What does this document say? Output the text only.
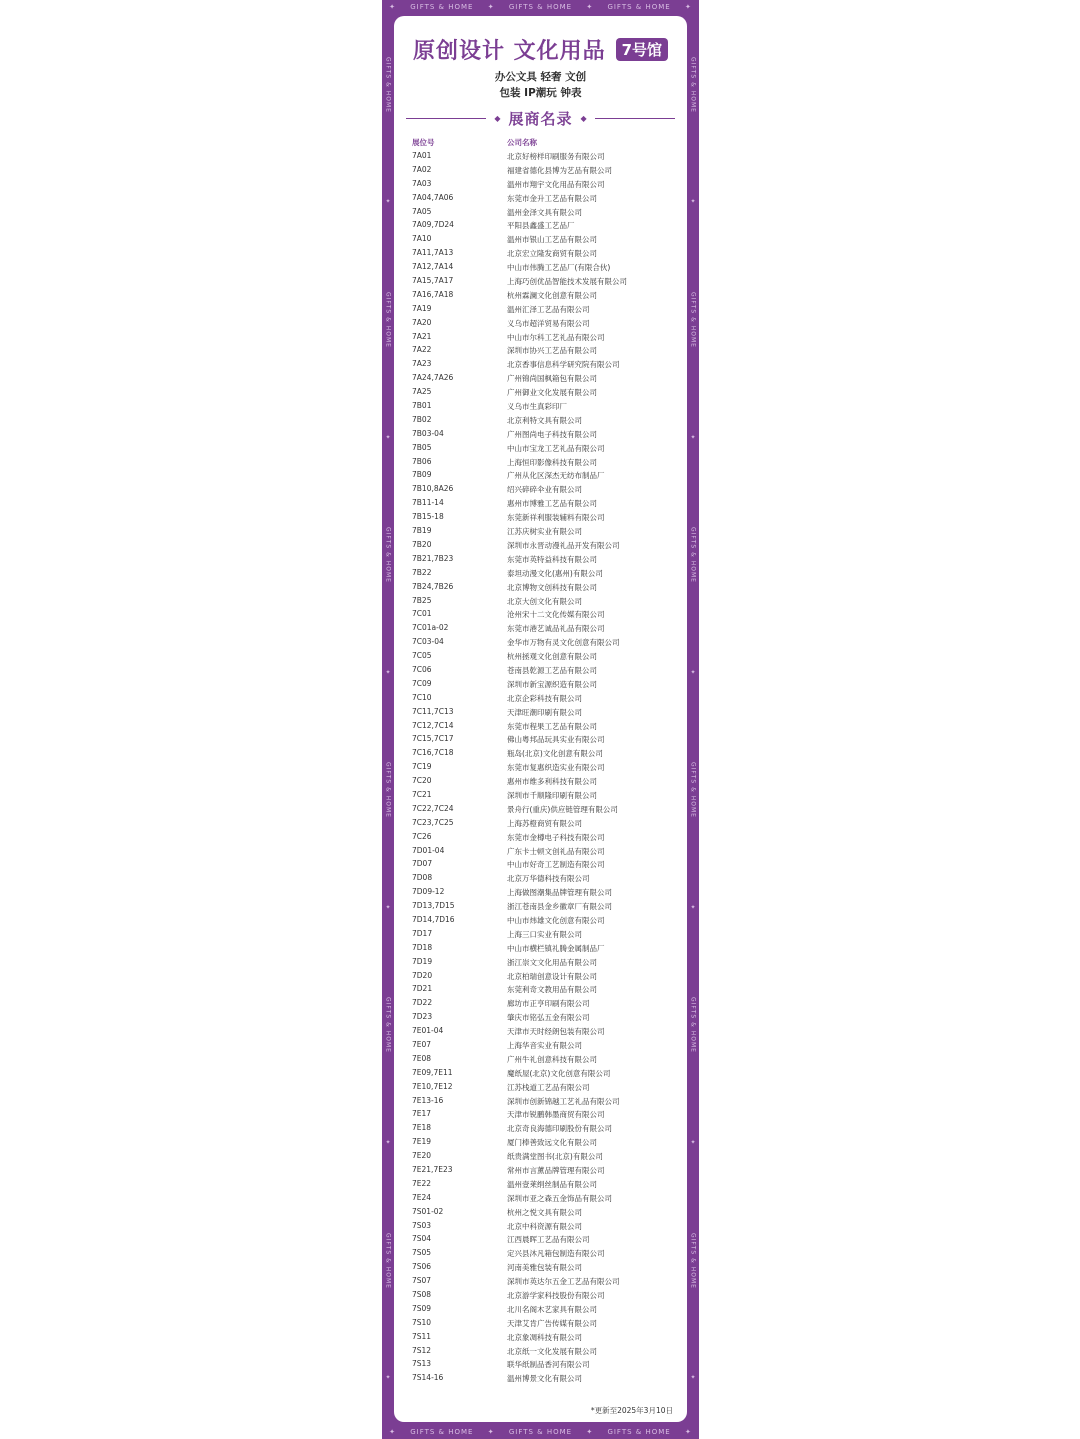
✦ GIFTS & HOME ✦ GIFTS & HOME ✦ GIFTS & HOME ✦
GIFTS & HOME
✦
GIFTS & HOME
✦
GIFTS & HOME
✦
GIFTS & HOME
✦
GIFTS & HOME
✦
GIFTS & HOME
✦
GIFTS & HOME
✦
GIFTS & HOME
✦
GIFTS & HOME
✦
GIFTS & HOME
✦
GIFTS & HOME
✦
GIFTS & HOME
✦
✦ GIFTS & HOME ✦ GIFTS & HOME ✦ GIFTS & HOME ✦
原创设计 文化用品	7号馆
办公文具 轻奢 文创
包装 IP潮玩 钟表
◆ 展商名录 ◆
展位号	公司名称
7A01	北京好榜样印刷服务有限公司
7A02	福建省德化县博为艺品有限公司
7A03	温州市翔宇文化用品有限公司
7A04,7A06	东莞市金升工艺品有限公司
7A05	温州金泽文具有限公司
7A09,7D24	平阳县鑫盛工艺品厂
7A10	温州市银山工艺品有限公司
7A11,7A13	北京宏立隆发商贸有限公司
7A12,7A14	中山市伟腾工艺品厂(有限合伙)
7A15,7A17	上海巧创优品智能技术发展有限公司
7A16,7A18	杭州霖澜文化创意有限公司
7A19	温州汇泽工艺品有限公司
7A20	义乌市超洋贸易有限公司
7A21	中山市尔科工艺礼品有限公司
7A22	深圳市协兴工艺品有限公司
7A23	北京香事信息科学研究院有限公司
7A24,7A26	广州锦尚国枫箱包有限公司
7A25	广州御业文化发展有限公司
7B01	义乌市生真彩印厂
7B02	北京利特文具有限公司
7B03-04	广州图尚电子科技有限公司
7B05	中山市宝龙工艺礼品有限公司
7B06	上海恒印影像科技有限公司
7B09	广州从化区深杰无纺布制品厂
7B10,8A26	绍兴碎碎伞业有限公司
7B11-14	惠州市博雅工艺品有限公司
7B15-18	东莞新祥利服装辅料有限公司
7B19	江苏庆树实业有限公司
7B20	深圳市永晋动漫礼品开发有限公司
7B21,7B23	东莞市英特益科技有限公司
7B22	泰坦动漫文化(惠州)有限公司
7B24,7B26	北京博物文创科技有限公司
7B25	北京大创文化有限公司
7C01	沧州宋十二文化传媒有限公司
7C01a-02	东莞市港艺诚品礼品有限公司
7C03-04	金华市万物有灵文化创意有限公司
7C05	杭州拯观文化创意有限公司
7C06	苍南县乾源工艺品有限公司
7C09	深圳市新宝源织造有限公司
7C10	北京企彩科技有限公司
7C11,7C13	天津旺潮印刷有限公司
7C12,7C14	东莞市程果工艺品有限公司
7C15,7C17	佛山粤邦品玩具实业有限公司
7C16,7C18	瓶岛(北京)文化创意有限公司
7C19	东莞市复惠织造实业有限公司
7C20	惠州市维多利科技有限公司
7C21	深圳市千顺隆印刷有限公司
7C22,7C24	景舟行(重庆)供应链管理有限公司
7C23,7C25	上海苏橙商贸有限公司
7C26	东莞市金樽电子科技有限公司
7D01-04	广东卡士顿文创礼品有限公司
7D07	中山市好奇工艺制造有限公司
7D08	北京万华德科技有限公司
7D09-12	上海做图潮集品牌管理有限公司
7D13,7D15	浙江苍南县金乡徽章厂有限公司
7D14,7D16	中山市炜雄文化创意有限公司
7D17	上海三口实业有限公司
7D18	中山市横栏镇礼腾金属制品厂
7D19	浙江崇文文化用品有限公司
7D20	北京柏瑞创意设计有限公司
7D21	东莞利奇文教用品有限公司
7D22	廊坊市正亨印刷有限公司
7D23	肇庆市铭弘五金有限公司
7E01-04	天津市天时经朗包装有限公司
7E07	上海华音实业有限公司
7E08	广州牛礼创意科技有限公司
7E09,7E11	魔纸屋(北京)文化创意有限公司
7E10,7E12	江苏栈道工艺品有限公司
7E13-16	深圳市创新锦越工艺礼品有限公司
7E17	天津市锐鹏韩墨商贸有限公司
7E18	北京奇良海德印刷股份有限公司
7E19	厦门棒善致远文化有限公司
7E20	纸贵满堂图书(北京)有限公司
7E21,7E23	常州市言薰品牌管理有限公司
7E22	温州壹莱绢丝制品有限公司
7E24	深圳市亚之森五金饰品有限公司
7S01-02	杭州之悦文具有限公司
7S03	北京中科资源有限公司
7S04	江西晨晖工艺品有限公司
7S05	定兴县沐凡箱包制造有限公司
7S06	河南美雅包装有限公司
7S07	深圳市英达尔五金工艺品有限公司
7S08	北京游学家科技股份有限公司
7S09	北川名阁木艺家具有限公司
7S10	天津艾肯广告传媒有限公司
7S11	北京象凋科技有限公司
7S12	北京纸一文化发展有限公司
7S13	联华纸制品香河有限公司
7S14-16	温州博景文化有限公司
*更新至2025年3月10日
